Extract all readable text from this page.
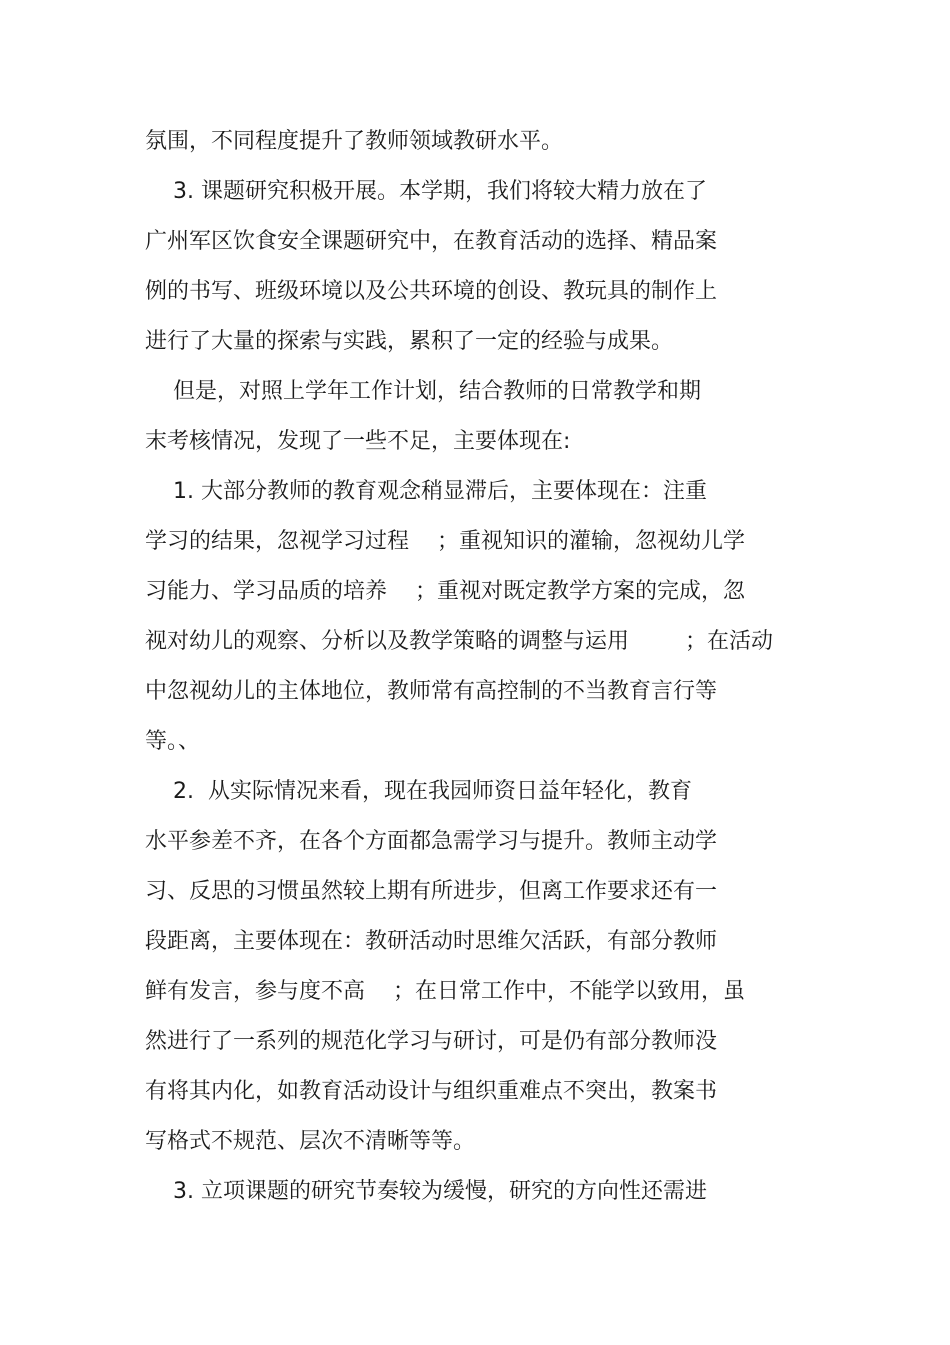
氛围，不同程度提升了教师领域教研水平。
3. 课题研究积极开展。本学期，我们将较大精力放在了
广州军区饮食安全课题研究中，在教育活动的选择、精品案
例的书写、班级环境以及公共环境的创设、教玩具的制作上
进行了大量的探索与实践，累积了一定的经验与成果。
但是，对照上学年工作计划，结合教师的日常教学和期
末考核情况，发现了一些不足，主要体现在:
1. 大部分教师的教育观念稍显滞后，主要体现在：注重
学习的结果，忽视学习过程    ；重视知识的灌输，忽视幼儿学
习能力、学习品质的培养    ；重视对既定教学方案的完成，忽
视对幼儿的观察、分析以及教学策略的调整与运用        ；在活动
中忽视幼儿的主体地位，教师常有高控制的不当教育言行等
等。、
2.  从实际情况来看，现在我园师资日益年轻化，教育
水平参差不齐，在各个方面都急需学习与提升。教师主动学
习、反思的习惯虽然较上期有所进步，但离工作要求还有一
段距离，主要体现在：教研活动时思维欠活跃，有部分教师
鲜有发言，参与度不高    ；在日常工作中，不能学以致用，虽
然进行了一系列的规范化学习与研讨，可是仍有部分教师没
有将其内化，如教育活动设计与组织重难点不突出，教案书
写格式不规范、层次不清晰等等。
3. 立项课题的研究节奏较为缓慢，研究的方向性还需进
